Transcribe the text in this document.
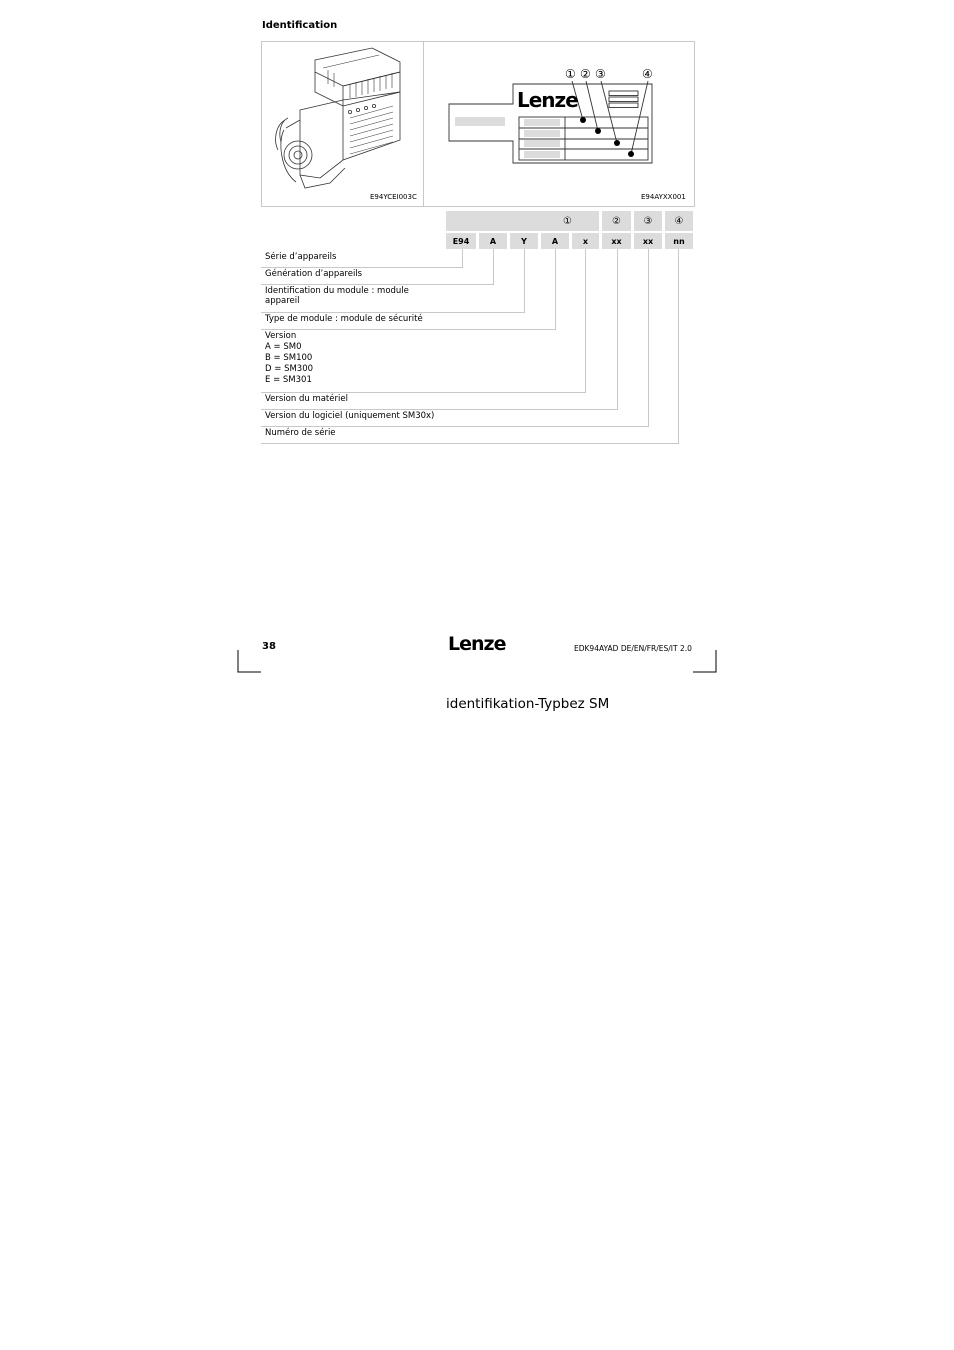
Identification
E94YCEI003C
Lenze
① ② ③	④
E94AYXX001
①	②	③	④
E94	A	Y	A	x	xx	xx	nn
Série d’appareils
Génération d’appareils
Identification du module : module
appareil
Type de module : module de sécurité
Version
A = SM0
B = SM100
D = SM300
E = SM301
Version du matériel
Version du logiciel (uniquement SM30x)
Numéro de série
38	Lenze	EDK94AYAD DE/EN/FR/ES/IT 2.0
identifikation-Typbez SM
